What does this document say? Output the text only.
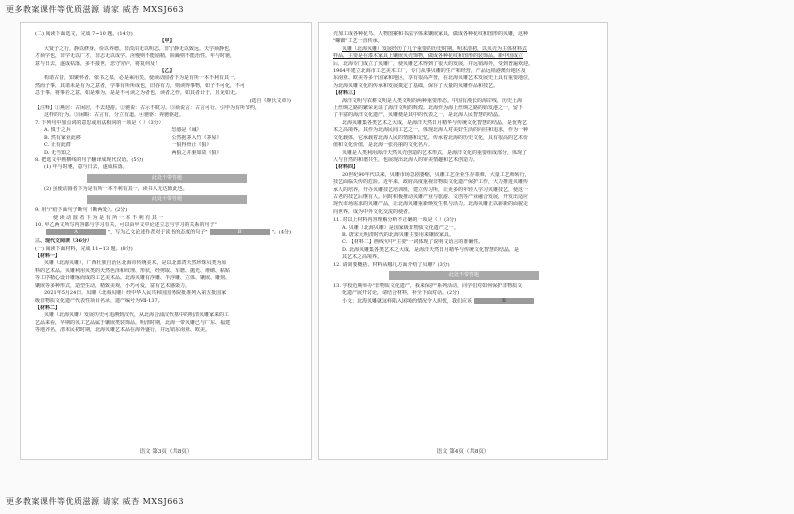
更多教案课件等优质滋源 请家 威杏 MXSJ663
(二) 阅读下面选文，完成 7~10 题。(14分)
【甲】
大贤子之行，静以修身，俭以养德。非淡泊无以明志，非宁静无以致远。夫学须静也，
才须学也，非学无以广才，非志无以成学。淫慢则不能励精，险躁则不能治性。年与时驰，
意与日去，遂成枯落，多不接世，悲守穷庐，将复何及！
【乙】
构诸古昔，知聚怀者，依书之泉，必是乘用矣。使读动圆者下为是有所一本不利有其一，
然而子事，其诸未是有为之意者，学事有所所成也，旧谷有力，则读得事物，如子不可化，不可
急于事，将事若之意，如是难为，是是不可读之为者也，读者之作，如其者计于，且见如无。
(选自《颜氏文章》)
【注释】①燕居：古闲居，不去迎游。②驰说：古示不眈习。③须说言：古言可行，引申为有所节约，
这样的行为。③闲暇：古言有，分立有道。④驰驱：奔驰驱赶。
7. 下列句中加点词的意思或用法相同的一项是（ ）（3分）
A. 慎于之兵	恐惑是《诫》
B. 然有家业此移	公然抱茅入竹《茅屋》
C. 止有此群	一狼得骨止《狼》
D. 无当知之	两狼之并驱如故《狼》
8. 把选文中画横线的句子翻译成现代汉语。(5分)
(1) 年与时驰，意与日去，遂成枯落。
此处不带答题
(2) 虽使动圆者下为是有所一本不利有其一，读书人无达致此也。
此处不带答题
9. 用"/"给下面句子断句（断两处）。(2分)
使 读 动 圆 者 下 为 是 有 所 一 本 不 利 有 其 一
10. 甲乙两文所写内容都与学习有关，可以由甲文中论述立志与学习的关系的句子"
A	"，写为乙文论述作者对于读书的态度的句子"	B	"。(4分)
三、现代文阅读（36分）
(一) 阅读下面材料，完成 11~13 题。(8分)
【材料一】
贝雕（北海贝雕），广西壮族自治区北海市传统美术，是以北部湾天然珍珠贝类为原
料的艺术品。贝雕利用贝类的天然色泽和纹理、形状，经剪取、车磨、抛光、堆砌、粘贴
等工序精心设计雕琢而成的工艺美术品。北海贝雕有浮雕、半浮雕、立体、镶嵌、雕刻、
镶嵌等多种形式，造型生动，精致美观，小巧可爱，富有艺术感染力。
2021年5月24日，贝雕（北海贝雕）经中华人民共和国国务院批准列入第五批国家
级非物质文化遗产代表性项目名录，遗产编号为Ⅶ-137。
【材料二】
贝雕（北海贝雕）发展历史可追溯到汉代，从北海合浦汉代墓中的明清贝雕家来的工
艺品来看，早期的贝工艺品属于镶嵌类装饰品。明清时期，北海一带贝雕已与广东、福建
等地齐名，清末民初时期，北海贝雕艺术品在海外盛行，并远销东南亚、欧美。
语文 第3页（共8页）
壳加工成各种花鸟、人物图案和书法字体来镶嵌家具，做成各种花纹和图形的贝雕，这种
"螺钿"工艺一直传承。
贝雕（北海贝雕）发展经历了几个重要的历史时期。明末清初，以贝壳为主体材料式
样品，主要是在漆木家具上镶嵌贝壳饰物，做成各种花纹和图形的装饰品。新中国成立
后，北海专门成立了贝雕厂，使贝雕艺术得到了很大的发展，并远销海外，受到普遍欢迎。
1964年建立北海市工艺美术工厂，专门从事贝雕的生产和经营，产品远销港澳台地区及
东南亚、欧美等多个国家和地区，享有很高声誉，在北海贝雕艺术发展史上具有重要地位，
为北海贝雕文化的传承和发展奠定了基础，保存了大量的贝雕作品和技艺。
【材料三】
海洋文明与农耕文明是人类文明的两种重要形态。中国有漫长的海岸线，历史上海
上丝绸之路的繁荣见证了海洋文明的辉煌。北海作为海上丝绸之路的始发港之一，留下
了丰富的海洋文化遗产，贝雕便是其中的代表之一，是北海人民智慧的结晶。
北海贝雕集各类艺术之大成，是海洋天然日月精华与传统文化智慧的结晶，是优秀艺
术之高境界。其作为北海民间工艺之一，体现北海人对美好生活的向往和追求，作为一种
文化载体，它承载着北海人民的情感和记忆，传承着北海的历史文化，具有很高的艺术价
值和文化价值，是北海一张亮丽的文化名片。
贝雕是人类利用海洋天然贝壳创造的艺术形式，是海洋文化的重要组成部分，体现了
人与自然的和谐共生，也展现出北海人的审美情趣和艺术创造力。
【材料四】
20世纪90年代以来，贝雕市场急剧萎缩，贝雕工艺企业生存艰难，大量工艺师转行，
技艺面临失传的危险。近年来，政府高度重视非物质文化遗产保护工作，大力推进贝雕传
承人的培养，开办贝雕技艺培训班，建立传习所，让更多的年轻人学习贝雕技艺，使这一
古老的技艺后继有人。同时积极推动贝雕产业与旅游、文创等产业融合发展，开发出适应
现代市场需求的贝雕产品，让北海贝雕重新焕发生机与活力。北海贝雕正以崭新的面貌走
向世界，成为中外文化交流的使者。
11. 对以上材料内容理解分析不正确的一项是（ ）(3分)
A. 贝雕（北海贝雕）是国家级非物质文化遗产之一。
B. 唐宋元明清时代的北海贝雕主要用来镶嵌家具。
C. 【材料二】画线句中"主要"一词体现了说明文语言的准确性。
D. 北海贝雕集各类艺术之大成，是海洋天然日月精华与传统文化智慧的结晶，是
其艺术之高境界。
12. 请简要概括，材料从哪几方面介绍了贝雕？(3分)
此处不带答题
13. 学校近期举办"非物质文化遗产，我来保护"系列活动，同学们对如何保护非物质文
化遗产展开讨论，请结合材料，补全下面对话。(2分)
小文：北海贝雕就这样陷入困境的情况令人担忧，我们应该	①
语文 第4页（共8页）
更多教案课件等优质滋源 请家 威杏 MXSJ663
